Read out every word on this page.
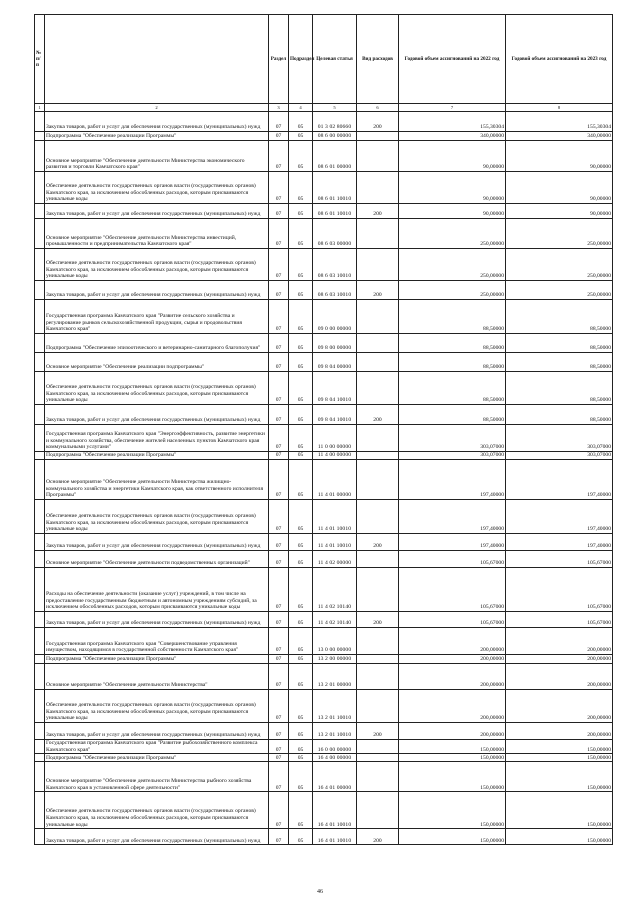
№ п/п		Раздел	Подраздел	Целевая статья	Вид расходов	Годовой объем ассигнований на 2022 год	Годовой объем ассигнований на 2023 год
1	2	3	4	5	6	7	8
	Закупка товаров, работ и услуг для обеспечения государственных (муниципальных) нужд	07	05	01 3 02 80660	200	155,30304	155,30304
	Подпрограмма "Обеспечение реализации Программы"	07	05	08 6 00 00000		340,00000	340,00000
	Основное мероприятие "Обеспечение деятельности Министерства экономического развития и торговли Камчатского края"	07	05	08 6 01 00000		90,00000	90,00000
	Обеспечение деятельности государственных органов власти (государственных органов) Камчатского края, за исключением обособленных расходов, которым присваиваются уникальные коды	07	05	08 6 01 10010		90,00000	90,00000
	Закупка товаров, работ и услуг для обеспечения государственных (муниципальных) нужд	07	05	08 6 01 10010	200	90,00000	90,00000
	Основное мероприятие "Обеспечение деятельности Министерства инвестиций, промышленности и предпринимательства Камчатского края"	07	05	08 6 03 00000		250,00000	250,00000
	Обеспечение деятельности государственных органов власти (государственных органов) Камчатского края, за исключением обособленных расходов, которым присваиваются уникальные коды	07	05	08 6 03 10010		250,00000	250,00000
	Закупка товаров, работ и услуг для обеспечения государственных (муниципальных) нужд	07	05	08 6 03 10010	200	250,00000	250,00000
	Государственная программа Камчатского края "Развитие сельского хозяйства и регулирование рынков сельскохозяйственной продукции, сырья и продовольствия Камчатского края"	07	05	09 0 00 00000		88,50000	88,50000
	Подпрограмма "Обеспечение эпизоотического и ветеринарно-санитарного благополучия"	07	05	09 8 00 00000		88,50000	88,50000
	Основное мероприятие "Обеспечение реализации подпрограммы"	07	05	09 8 04 00000		88,50000	88,50000
	Обеспечение деятельности государственных органов власти (государственных органов) Камчатского края, за исключением обособленных расходов, которым присваиваются уникальные коды	07	05	09 8 04 10010		88,50000	88,50000
	Закупка товаров, работ и услуг для обеспечения государственных (муниципальных) нужд	07	05	09 8 04 10010	200	88,50000	88,50000
	Государственная программа Камчатского края "Энергоэффективность, развитие энергетики и коммунального хозяйства, обеспечение жителей населенных пунктов Камчатского края коммунальными услугами"	07	05	11 0 00 00000		303,07000	303,07000
	Подпрограмма "Обеспечение реализации Программы"	07	05	11 4 00 00000		303,07000	303,07000
	Основное мероприятие "Обеспечение деятельности Министерства жилищно-коммунального хозяйства и энергетики Камчатского края, как ответственного исполнителя Программы"	07	05	11 4 01 00000		197,40000	197,40000
	Обеспечение деятельности государственных органов власти (государственных органов) Камчатского края, за исключением обособленных расходов, которым присваиваются уникальные коды	07	05	11 4 01 10010		197,40000	197,40000
	Закупка товаров, работ и услуг для обеспечения государственных (муниципальных) нужд	07	05	11 4 01 10010	200	197,40000	197,40000
	Основное мероприятие "Обеспечение деятельности подведомственных организаций"	07	05	11 4 02 00000		105,67000	105,67000
	Расходы на обеспечение деятельности (оказание услуг) учреждений, в том числе на предоставление государственным бюджетным и автономным учреждениям субсидий, за исключением обособленных расходов, которым присваиваются уникальные коды	07	05	11 4 02 10140		105,67000	105,67000
	Закупка товаров, работ и услуг для обеспечения государственных (муниципальных) нужд	07	05	11 4 02 10140	200	105,67000	105,67000
	Государственная программа Камчатского края "Совершенствование управления имуществом, находящимся в государственной собственности Камчатского края"	07	05	13 0 00 00000		200,00000	200,00000
	Подпрограмма "Обеспечение реализации Программы"	07	05	13 2 00 00000		200,00000	200,00000
	Основное мероприятие "Обеспечение деятельности Министерства"	07	05	13 2 01 00000		200,00000	200,00000
	Обеспечение деятельности государственных органов власти (государственных органов) Камчатского края, за исключением обособленных расходов, которым присваиваются уникальные коды	07	05	13 2 01 10010		200,00000	200,00000
	Закупка товаров, работ и услуг для обеспечения государственных (муниципальных) нужд	07	05	13 2 01 10010	200	200,00000	200,00000
	Государственная программа Камчатского края "Развитие рыбохозяйственного комплекса Камчатского края"	07	05	16 0 00 00000		150,00000	150,00000
	Подпрограмма "Обеспечение реализации Программы"	07	05	16 4 00 00000		150,00000	150,00000
	Основное мероприятие "Обеспечение деятельности Министерства рыбного хозяйства Камчатского края в установленной сфере деятельности"	07	05	16 4 01 00000		150,00000	150,00000
	Обеспечение деятельности государственных органов власти (государственных органов) Камчатского края, за исключением обособленных расходов, которым присваиваются уникальные коды	07	05	16 4 01 10010		150,00000	150,00000
	Закупка товаров, работ и услуг для обеспечения государственных (муниципальных) нужд	07	05	16 4 01 10010	200	150,00000	150,00000
46
